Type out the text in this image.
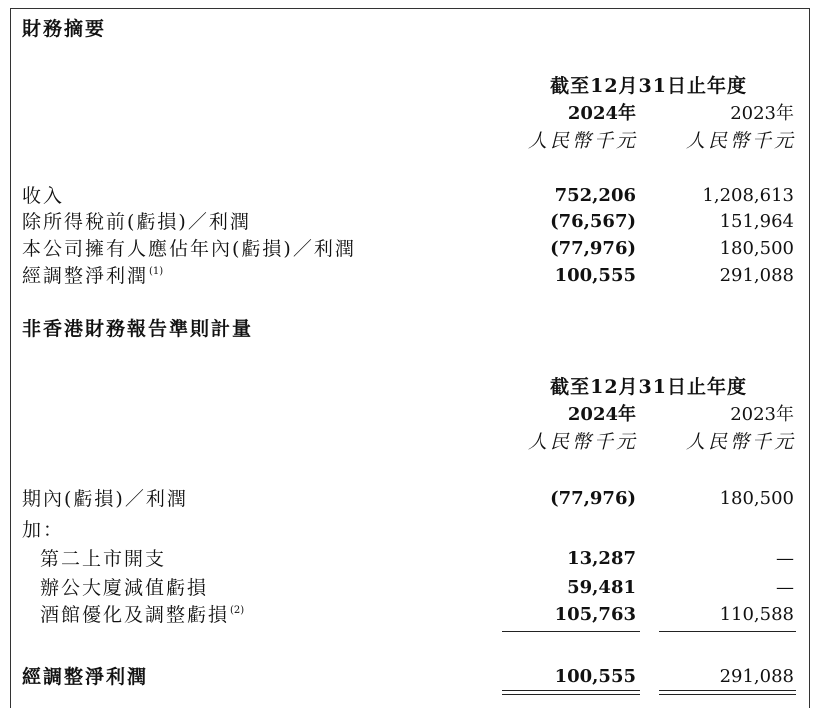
財務摘要
截至12月31日止年度
2024年	2023年
人民幣千元	人民幣千元
收入	752,206	1,208,613
除所得稅前(虧損)／利潤	(76,567)	151,964
本公司擁有人應佔年內(虧損)／利潤	(77,976)	180,500
經調整淨利潤$^{(1)}$	100,555	291,088
非香港財務報告準則計量
截至12月31日止年度
2024年	2023年
人民幣千元	人民幣千元
期內(虧損)／利潤	(77,976)	180,500
加：
第二上市開支	13,287	—
辦公大廈減值虧損	59,481	—
酒館優化及調整虧損$^{(2)}$	105,763	110,588
經調整淨利潤	100,555	291,088
